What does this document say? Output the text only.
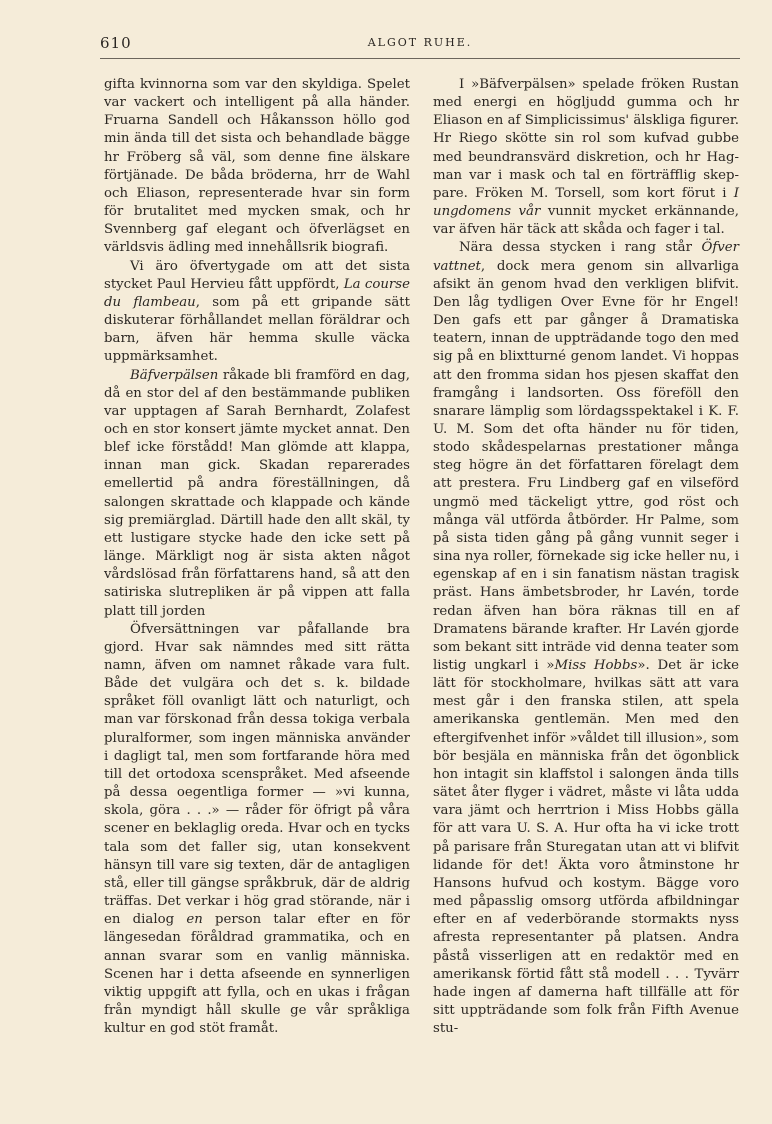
610	ALGOT RUHE.

gifta kvinnorna som var den skyldiga. Spelet var vackert och intelligent på alla händer. Fruarna Sandell och Håkansson höllo god min ända till det sista och behandlade bägge hr Fröberg så väl, som denne fine älskare förtjänade. De båda bröderna, hrr de Wahl och Eliason, representerade hvar sin form för brutalitet med mycken smak, och hr Svennberg gaf elegant och öfverlägset en världsvis ädling med innehållsrik biografi.

Vi äro öfvertygade om att det sista stycket Paul Hervieu fått uppfördt, La course du flambeau, som på ett gripande sätt diskuterar förhållandet mellan föräldrar och barn, äfven här hemma skulle väcka uppmärksamhet.

Bäfverpälsen råkade bli framförd en dag, då en stor del af den bestämmande publiken var upptagen af Sarah Bernhardt, Zolafest och en stor konsert jämte mycket annat. Den blef icke förstådd! Man glömde att klappa, innan man gick. Skadan reparerades emellertid på andra föreställningen, då salongen skrattade och klappade och kände sig premiärglad. Därtill hade den allt skäl, ty ett lustigare stycke hade den icke sett på länge. Märkligt nog är sista akten något vårdslösad från författarens hand, så att den satiriska slutrepliken är på vippen att falla platt till jorden

Öfversättningen var påfallande bra gjord. Hvar sak nämndes med sitt rätta namn, äfven om namnet råkade vara fult. Både det vulgära och det s. k. bildade språket föll ovanligt lätt och naturligt, och man var förskonad från dessa tokiga verbala pluralformer, som ingen människa använder i dagligt tal, men som fortfarande höra med till det ortodoxa scenspråket. Med afseende på dessa oegentliga former — »vi kunna, skola, göra . . .» — råder för öfrigt på våra scener en beklaglig oreda. Hvar och en tycks tala som det faller sig, utan konsekvent hänsyn till vare sig texten, där de antagligen stå, eller till gängse språkbruk, där de aldrig träffas. Det verkar i hög grad störande, när i en dialog en person talar efter en för längesedan föråldrad grammatika, och en annan svarar som en vanlig människa. Scenen har i detta afseende en synnerligen viktig uppgift att fylla, och en ukas i frågan från myndigt håll skulle ge vår språkliga kultur en god stöt framåt.

I »Bäfverpälsen» spelade fröken Rustan med energi en högljudd gumma och hr Eliason en af Simplicissimus' älskliga figurer. Hr Riego skötte sin rol som kufvad gubbe med beundransvärd diskretion, och hr Hagman var i mask och tal en förträfflig skeppare. Fröken M. Torsell, som kort förut i I ungdomens vår vunnit mycket erkännande, var äfven här täck att skåda och fager i tal.

Nära dessa stycken i rang står Öfver vattnet, dock mera genom sin allvarliga afsikt än genom hvad den verkligen blifvit. Den låg tydligen Over Evne för hr Engel! Den gafs ett par gånger å Dramatiska teatern, innan de uppträdande togo den med sig på en blixtturné genom landet. Vi hoppas att den fromma sidan hos pjesen skaffat den framgång i landsorten. Oss föreföll den snarare lämplig som lördagsspektakel i K. F. U. M. Som det ofta händer nu för tiden, stodo skådespelarnas prestationer många steg högre än det författaren förelagt dem att prestera. Fru Lindberg gaf en vilseförd ungmö med täckeligt yttre, god röst och många väl utförda åtbörder. Hr Palme, som på sista tiden gång på gång vunnit seger i sina nya roller, förnekade sig icke heller nu, i egenskap af en i sin fanatism nästan tragisk präst. Hans ämbetsbroder, hr Lavén, torde redan äfven han böra räknas till en af Dramatens bärande krafter. Hr Lavén gjorde som bekant sitt inträde vid denna teater som listig ungkarl i »Miss Hobbs». Det är icke lätt för stockholmare, hvilkas sätt att vara mest går i den franska stilen, att spela amerikanska gentlemän. Men med den eftergifvenhet inför »våldet till illusion», som bör besjäla en människa från det ögonblick hon intagit sin klaffstol i salongen ända tills sätet åter flyger i vädret, måste vi låta udda vara jämt och herrtrion i Miss Hobbs gälla för att vara U. S. A. Hur ofta ha vi icke trott på parisare från Sturegatan utan att vi blifvit lidande för det! Äkta voro åtminstone hr Hansons hufvud och kostym. Bägge voro med påpasslig omsorg utförda afbildningar efter en af vederbörande stormakts nyss afresta representanter på platsen. Andra påstå visserligen att en redaktör med en amerikansk förtid fått stå modell . . . Tyvärr hade ingen af damerna haft tillfälle att för sitt uppträdande som folk från Fifth Avenue stu-
